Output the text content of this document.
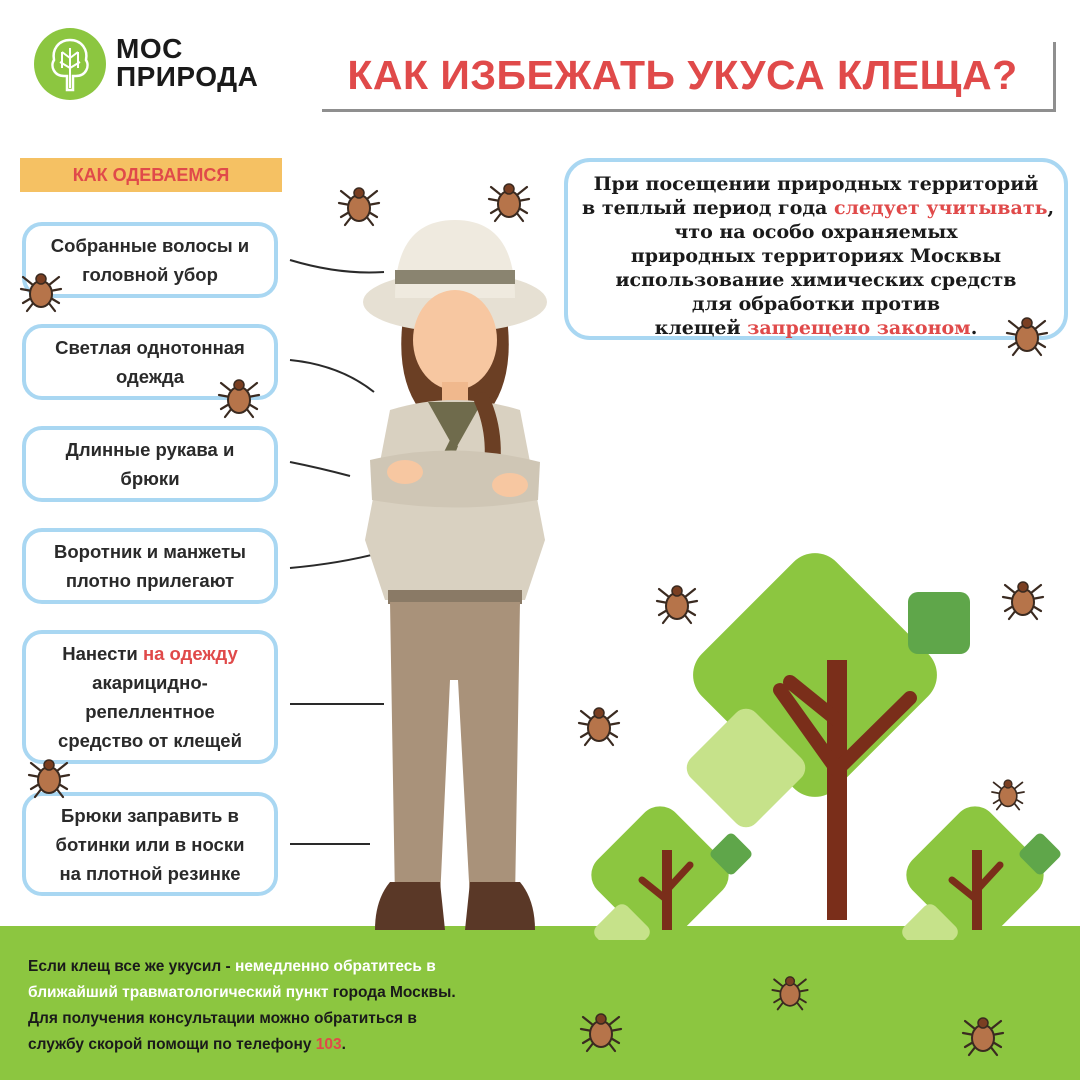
МОС
ПРИРОДА	КАК ИЗБЕЖАТЬ УКУСА КЛЕЩА?
КАК ОДЕВАЕМСЯ
Собранные волосы и
головной убор
Светлая однотонная
одежда
Длинные рукава и
брюки
Воротник и манжеты
плотно прилегают
Нанести на одежду
акарицидно-
репеллентное
средство от клещей
Брюки заправить в
ботинки или в носки
на плотной резинке
При посещении природных территорий
в теплый период года следует учитывать,
что на особо охраняемых
природных территориях Москвы
использование химических средств
для обработки против
клещей запрещено законом.
Если клещ все же укусил - немедленно обратитесь в
ближайший травматологический пункт города Москвы.
Для получения консультации можно обратиться в
службу скорой помощи по телефону 103.
